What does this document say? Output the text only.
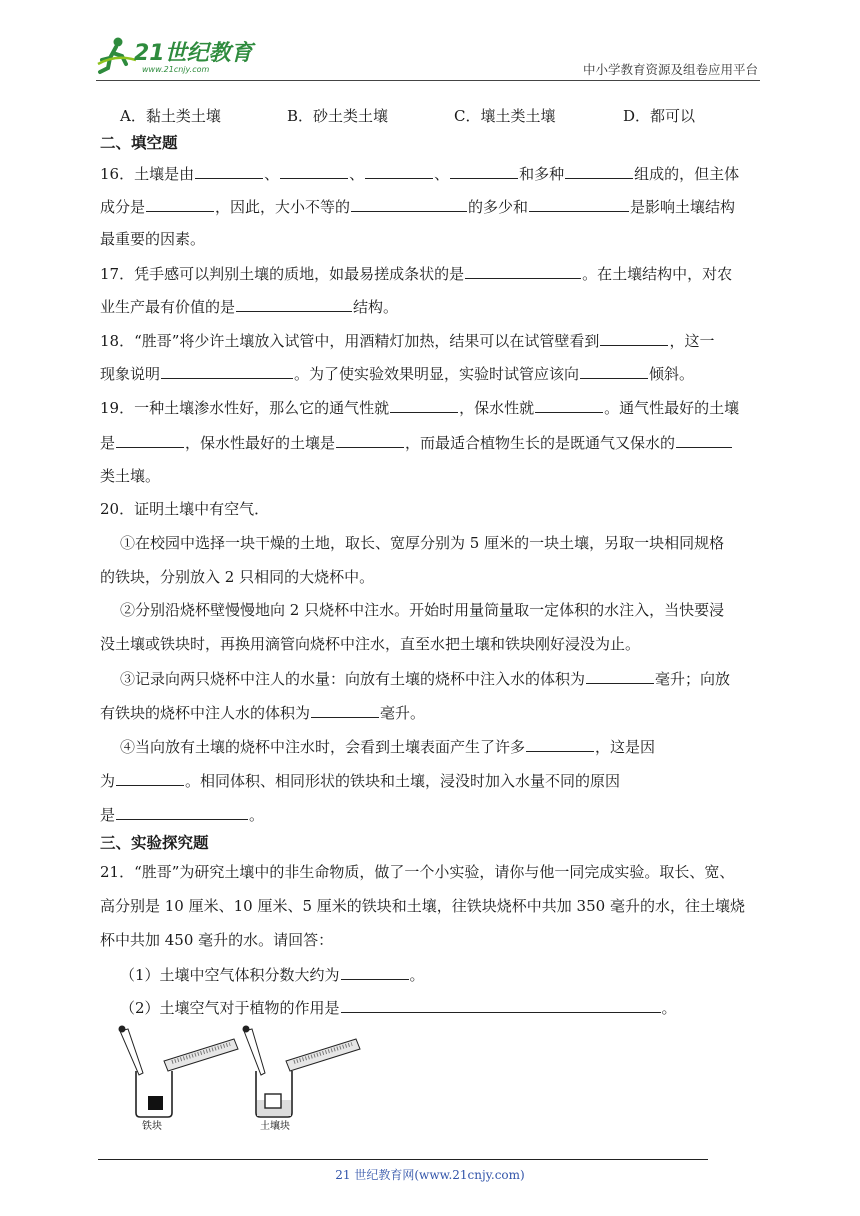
21世纪教育
www.21cnjy.com	中小学教育资源及组卷应用平台
A．黏土类土壤	B．砂土类土壤	C．壤土类土壤	D．都可以
二、填空题
16．土壤是由	、	、	、	和多种	组成的，但主体
成分是	，因此，大小不等的	的多少和	是影响土壤结构
最重要的因素。
17．凭手感可以判别土壤的质地，如最易搓成条状的是	。在土壤结构中，对农
业生产最有价值的是	结构。
18．“胜哥”将少许土壤放入试管中，用酒精灯加热，结果可以在试管壁看到	，这一
现象说明	。为了使实验效果明显，实验时试管应该向	倾斜。
19．一种土壤渗水性好，那么它的通气性就	，保水性就	。通气性最好的土壤
是	，保水性最好的土壤是	，而最适合植物生长的是既通气又保水的
类土壤。
20．证明土壤中有空气．
①在校园中选择一块干燥的土地，取长、宽厚分别为 5 厘米的一块土壤，另取一块相同规格
的铁块，分别放入 2 只相同的大烧杯中。
②分别沿烧杯壁慢慢地向 2 只烧杯中注水。开始时用量筒量取一定体积的水注入，当快要浸
没土壤或铁块时，再换用滴管向烧杯中注水，直至水把土壤和铁块刚好浸没为止。
③记录向两只烧杯中注人的水量：向放有土壤的烧杯中注入水的体积为	毫升；向放
有铁块的烧杯中注人水的体积为	毫升。
④当向放有土壤的烧杯中注水时，会看到土壤表面产生了许多	，这是因
为	。相同体积、相同形状的铁块和土壤，浸没时加入水量不同的原因
是	。
三、实验探究题
21．“胜哥”为研究土壤中的非生命物质，做了一个小实验，请你与他一同完成实验。取长、宽、
高分别是 10 厘米、10 厘米、5 厘米的铁块和土壤，往铁块烧杯中共加 350 毫升的水，往土壤烧
杯中共加 450 毫升的水。请回答：
（1）土壤中空气体积分数大约为	。
（2）土壤空气对于植物的作用是	。
铁块	土壤块
21 世纪教育网(www.21cnjy.com)
